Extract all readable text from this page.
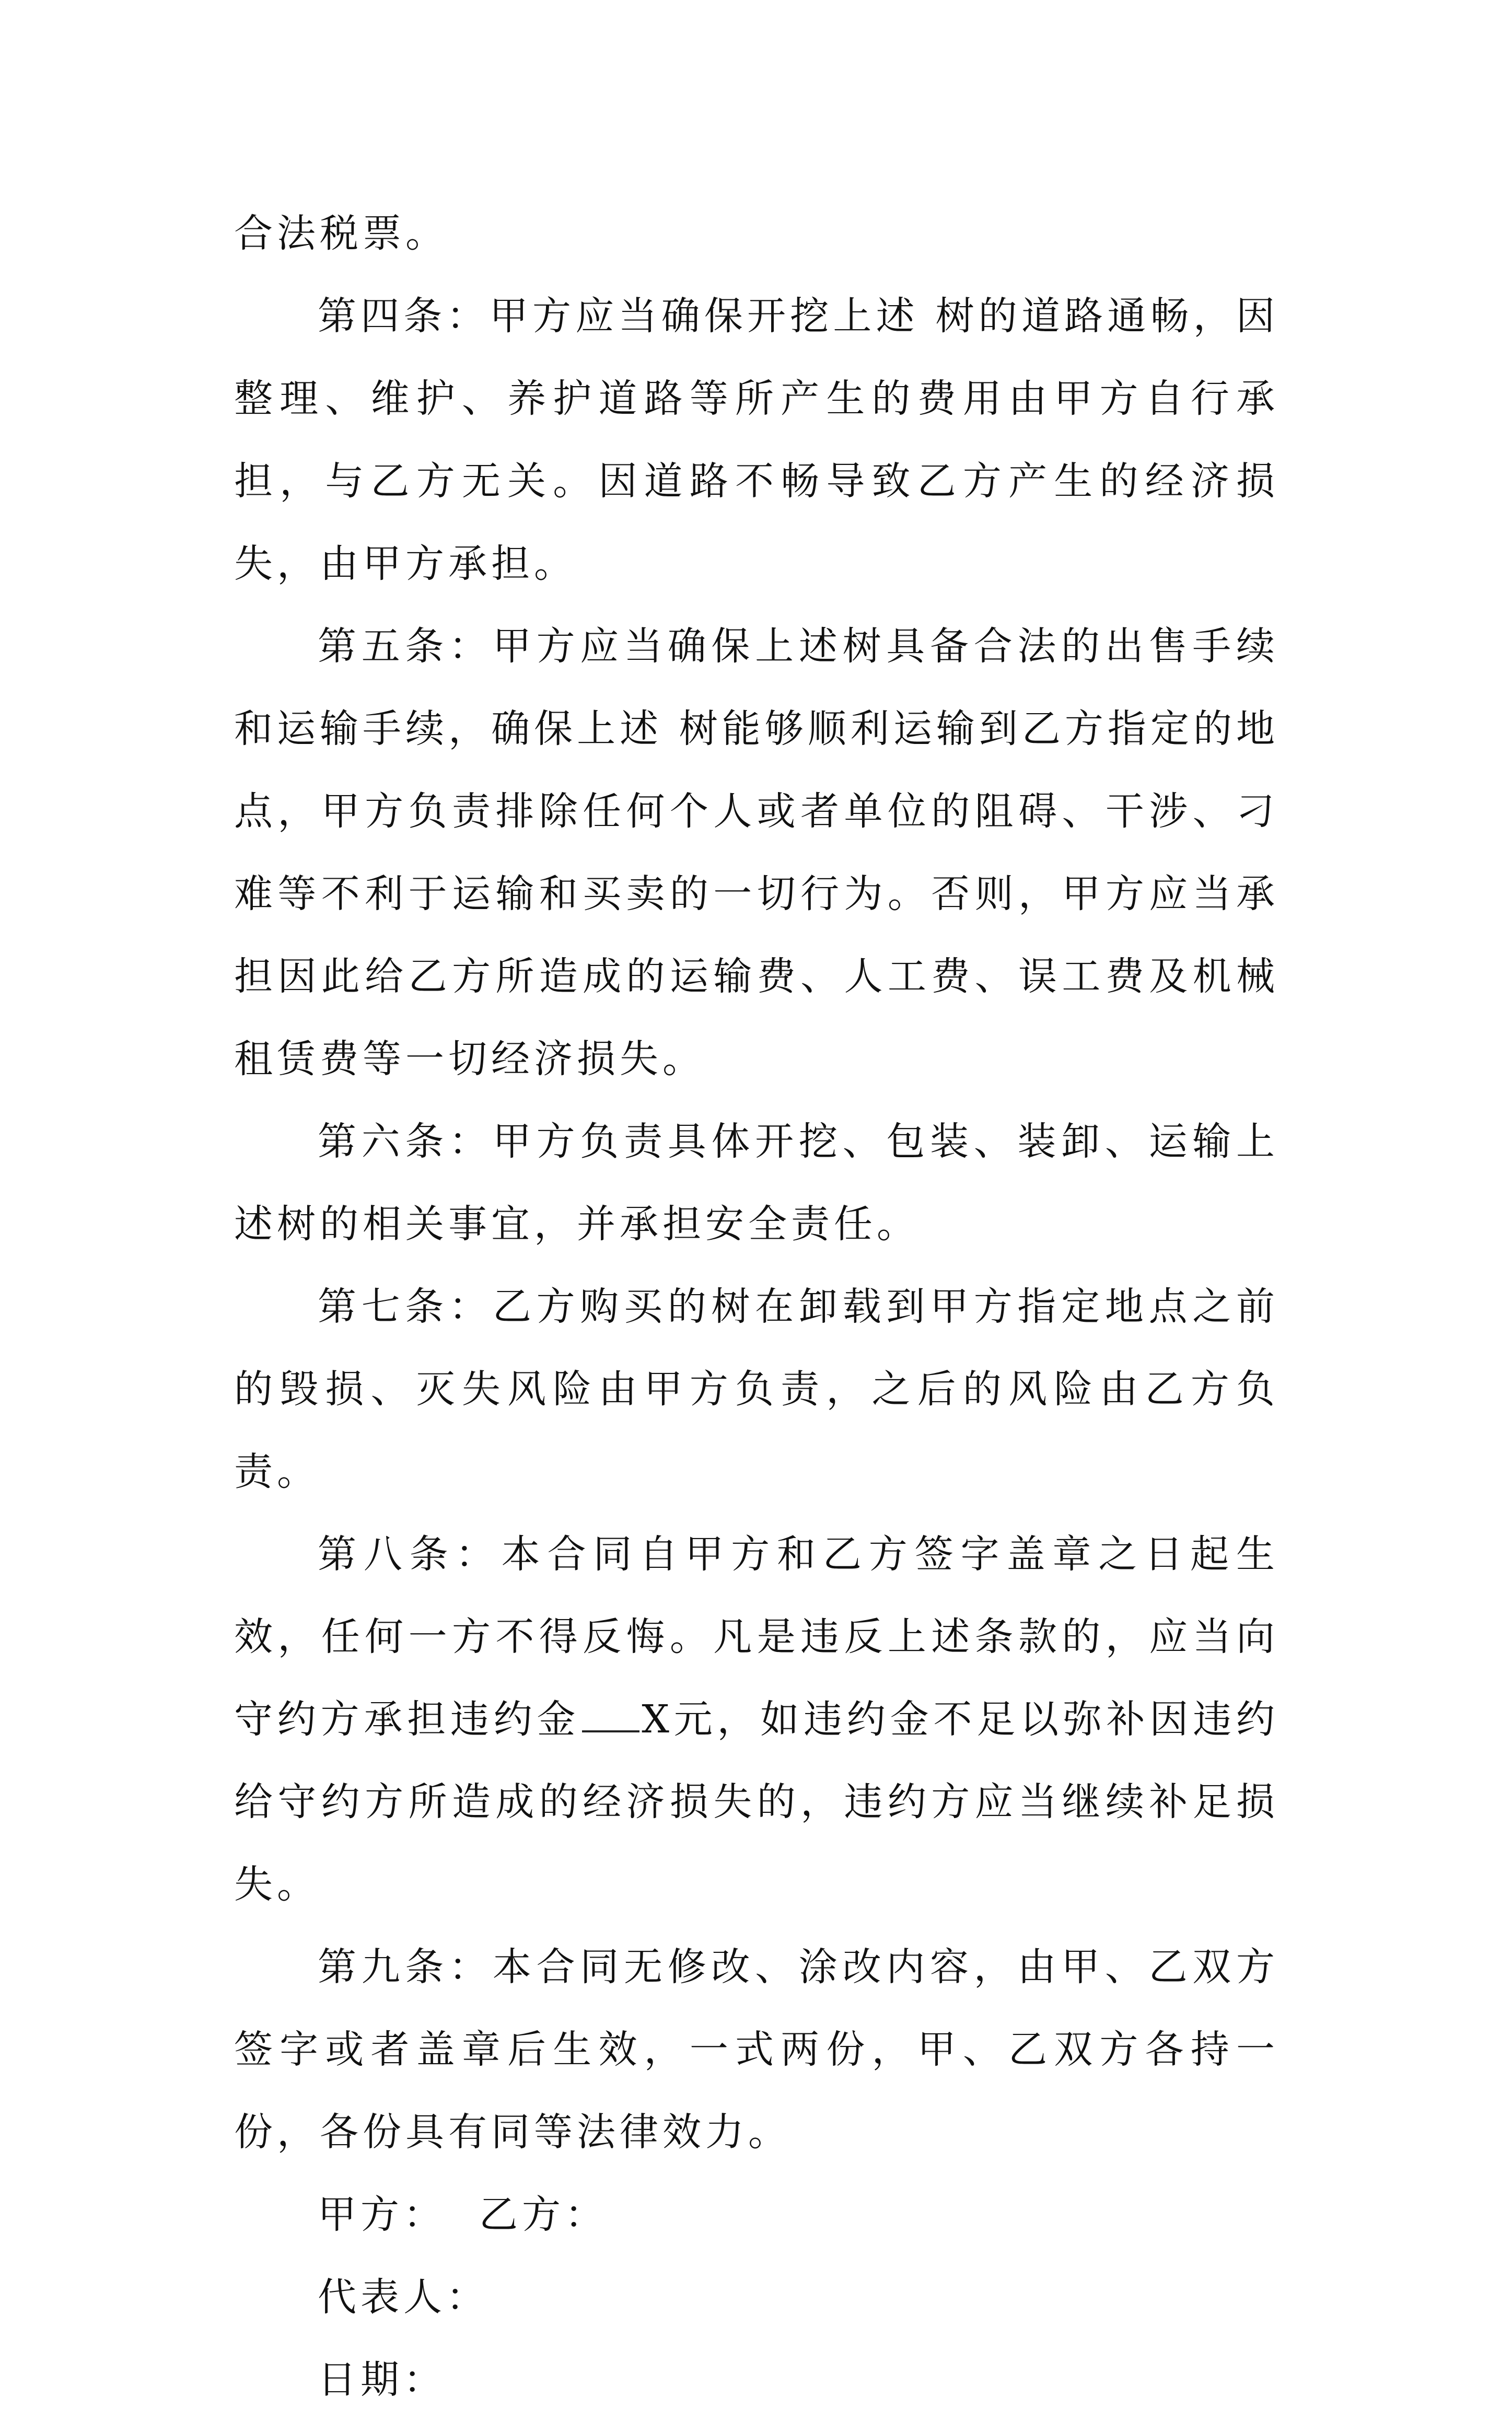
合法税票。

第四条：甲方应当确保开挖上述 树的道路通畅，因整理、维护、养护道路等所产生的费用由甲方自行承担，与乙方无关。因道路不畅导致乙方产生的经济损失，由甲方承担。

第五条：甲方应当确保上述树具备合法的出售手续和运输手续，确保上述 树能够顺利运输到乙方指定的地点，甲方负责排除任何个人或者单位的阻碍、干涉、刁难等不利于运输和买卖的一切行为。否则，甲方应当承担因此给乙方所造成的运输费、人工费、误工费及机械租赁费等一切经济损失。

第六条：甲方负责具体开挖、包装、装卸、运输上述树的相关事宜，并承担安全责任。

第七条：乙方购买的树在卸载到甲方指定地点之前的毁损、灭失风险由甲方负责，之后的风险由乙方负责。

第八条：本合同自甲方和乙方签字盖章之日起生效，任何一方不得反悔。凡是违反上述条款的，应当向守约方承担违约金 X元，如违约金不足以弥补因违约给守约方所造成的经济损失的，违约方应当继续补足损失。

第九条：本合同无修改、涂改内容，由甲、乙双方签字或者盖章后生效，一式两份，甲、乙双方各持一份，各份具有同等法律效力。

甲方： 乙方：

代表人：

日期：
